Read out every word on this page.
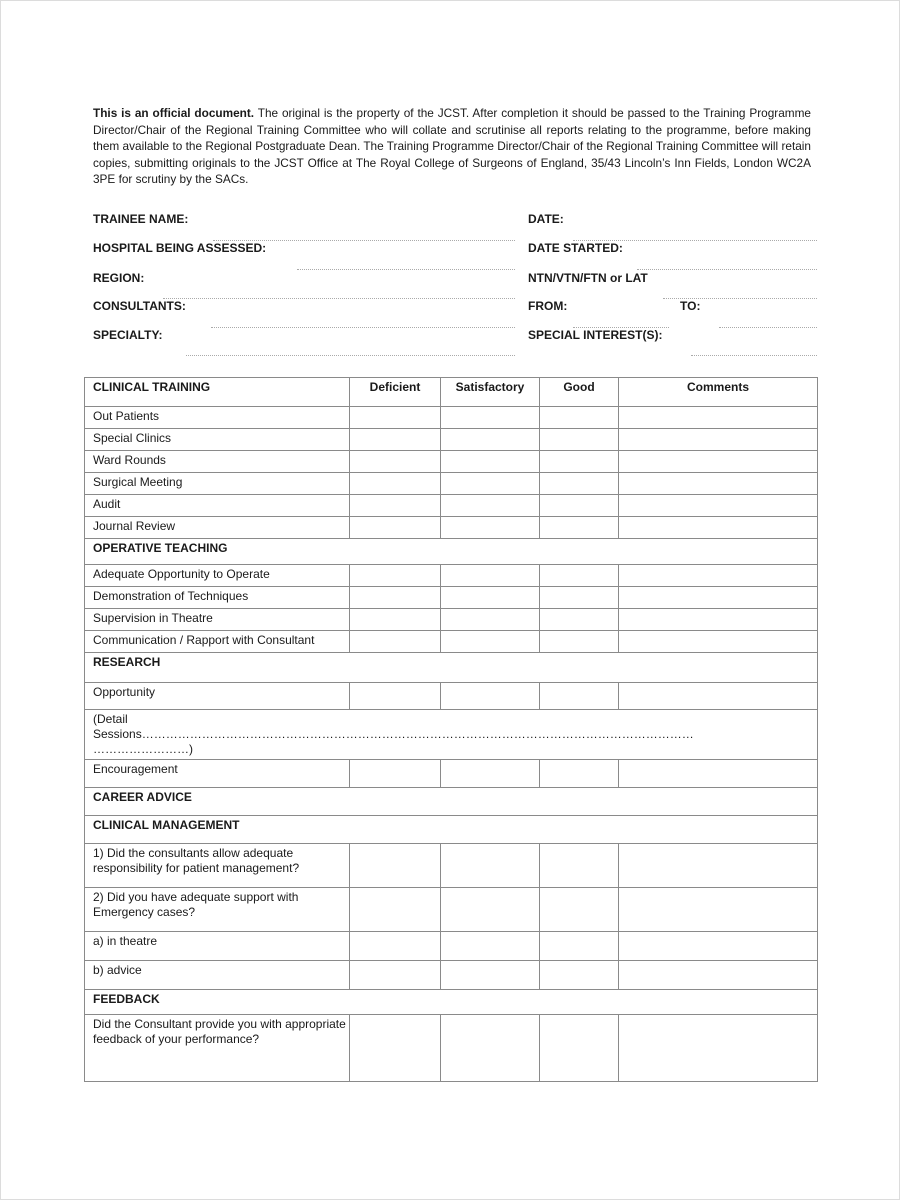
This is an official document. The original is the property of the JCST. After completion it should be passed to the Training Programme Director/Chair of the Regional Training Committee who will collate and scrutinise all reports relating to the programme, before making them available to the Regional Postgraduate Dean. The Training Programme Director/Chair of the Regional Training Committee will retain copies, submitting originals to the JCST Office at The Royal College of Surgeons of England, 35/43 Lincoln’s Inn Fields, London WC2A 3PE for scrutiny by the SACs.

TRAINEE NAME:	DATE:
HOSPITAL BEING ASSESSED:	DATE STARTED:
REGION:	NTN/VTN/FTN or LAT
CONSULTANTS:	FROM:	TO:
SPECIALTY:	SPECIAL INTEREST(S):
CLINICAL TRAINING	Deficient	Satisfactory	Good	Comments
Out Patients				
Special Clinics				
Ward Rounds				
Surgical Meeting				
Audit				
Journal Review				
OPERATIVE TEACHING				
Adequate Opportunity to Operate				
Demonstration of Techniques				
Supervision in Theatre				
Communication / Rapport with Consultant				
RESEARCH				
Opportunity				

(Detail
Sessions…………………………………………………………………………………………………………………………
……………………)				

Encouragement				
CAREER ADVICE				
CLINICAL MANAGEMENT				
1) Did the consultants allow adequate responsibility for patient management?				
2) Did you have adequate support with Emergency cases?				
a) in theatre				
b) advice				
FEEDBACK				
Did the Consultant provide you with appropriate feedback of your performance?				
